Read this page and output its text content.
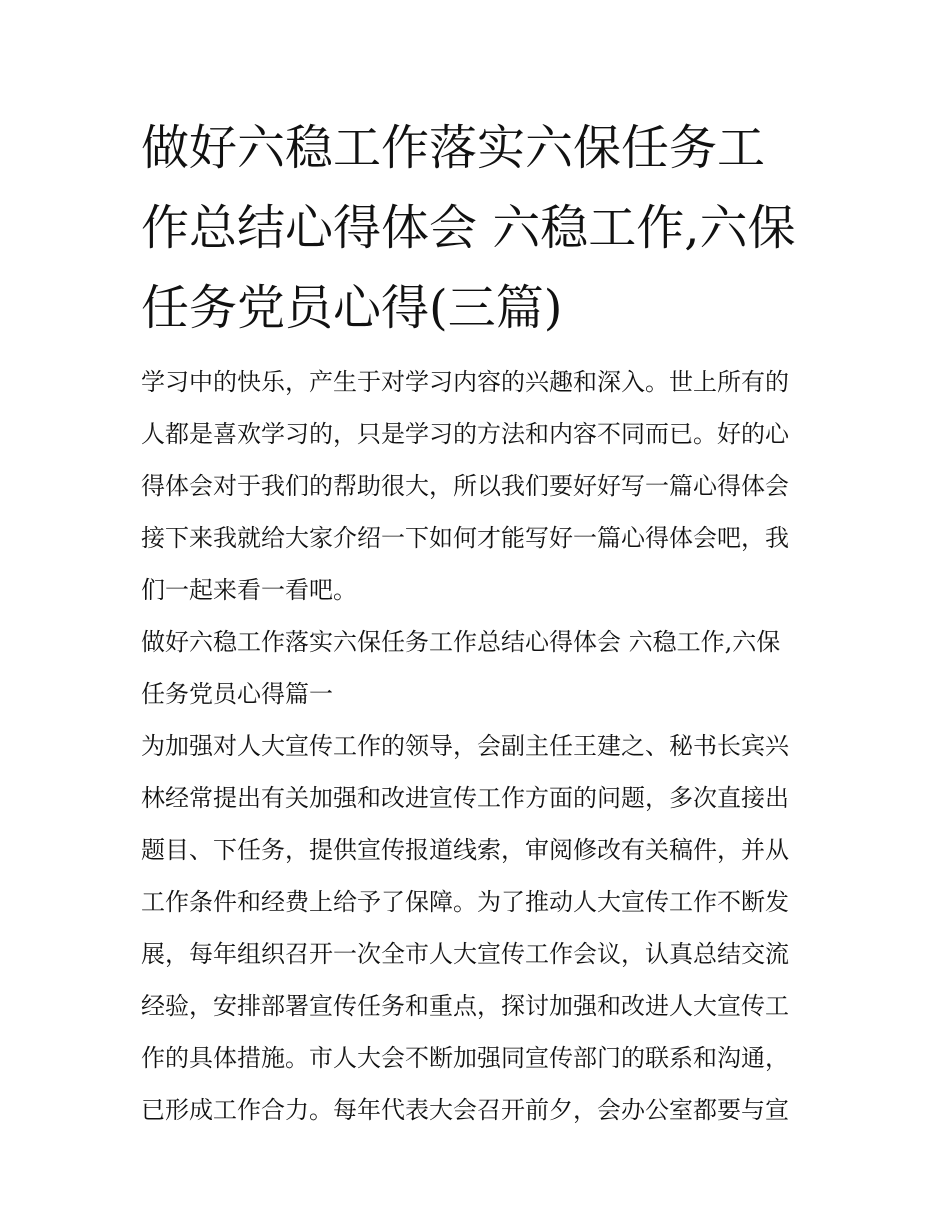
做好六稳工作落实六保任务工
作总结心得体会 六稳工作,六保
任务党员心得(三篇)
学习中的快乐，产生于对学习内容的兴趣和深入。世上所有的
人都是喜欢学习的，只是学习的方法和内容不同而已。好的心
得体会对于我们的帮助很大，所以我们要好好写一篇心得体会
接下来我就给大家介绍一下如何才能写好一篇心得体会吧，我
们一起来看一看吧。
做好六稳工作落实六保任务工作总结心得体会 六稳工作,六保
任务党员心得篇一
为加强对人大宣传工作的领导，会副主任王建之、秘书长宾兴
林经常提出有关加强和改进宣传工作方面的问题，多次直接出
题目、下任务，提供宣传报道线索，审阅修改有关稿件，并从
工作条件和经费上给予了保障。为了推动人大宣传工作不断发
展，每年组织召开一次全市人大宣传工作会议，认真总结交流
经验，安排部署宣传任务和重点，探讨加强和改进人大宣传工
作的具体措施。市人大会不断加强同宣传部门的联系和沟通，
已形成工作合力。每年代表大会召开前夕，会办公室都要与宣
